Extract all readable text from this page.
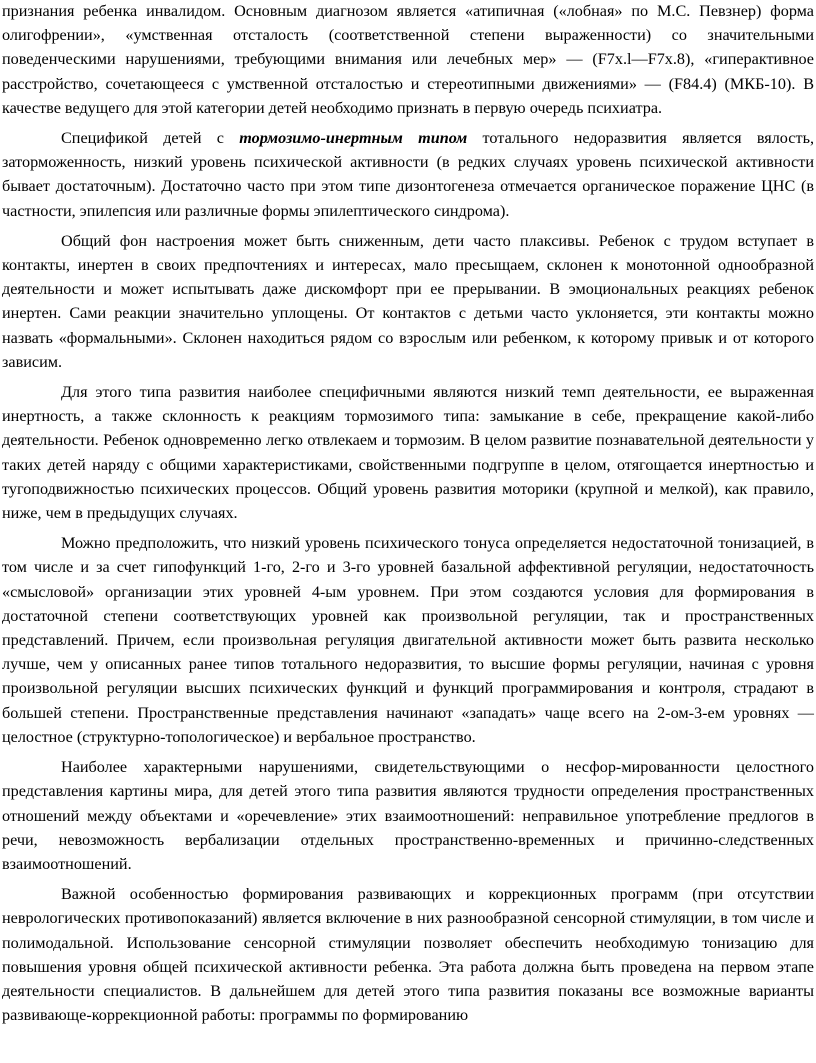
признания ребенка инвалидом. Основным диагнозом является «атипичная («лобная» по М.С. Певзнер) форма олигофрении», «умственная отсталость (соответственной степени выраженности) со значительными поведенческими нарушениями, требующими внимания или лечебных мер» — (F7x.l—F7x.8), «гиперактивное расстройство, сочетающееся с умственной отсталостью и стереотипными движениями» — (F84.4) (МКБ-10). В качестве ведущего для этой категории детей необходимо признать в первую очередь психиатра.

Спецификой детей с тормозимо-инертным типом тотального недоразвития является вялость, заторможенность, низкий уровень психической активности (в редких случаях уровень психической активности бывает достаточным). Достаточно часто при этом типе дизонтогенеза отмечается органическое поражение ЦНС (в частности, эпилепсия или различные формы эпилептического синдрома).

Общий фон настроения может быть сниженным, дети часто плаксивы. Ребенок с трудом вступает в контакты, инертен в своих предпочтениях и интересах, мало пресыщаем, склонен к монотонной однообразной деятельности и может испытывать даже дискомфорт при ее прерывании. В эмоциональных реакциях ребенок инертен. Сами реакции значительно уплощены. От контактов с детьми часто уклоняется, эти контакты можно назвать «формальными». Склонен находиться рядом со взрослым или ребенком, к которому привык и от которого зависим.

Для этого типа развития наиболее специфичными являются низкий темп деятельности, ее выраженная инертность, а также склонность к реакциям тормозимого типа: замыкание в себе, прекращение какой-либо деятельности. Ребенок одновременно легко отвлекаем и тормозим. В целом развитие познавательной деятельности у таких детей наряду с общими характеристиками, свойственными подгруппе в целом, отягощается инертностью и тугоподвижностью психических процессов. Общий уровень развития моторики (крупной и мелкой), как правило, ниже, чем в предыдущих случаях.

Можно предположить, что низкий уровень психического тонуса определяется недостаточной тонизацией, в том числе и за счет гипофункций 1-го, 2-го и 3-го уровней базальной аффективной регуляции, недостаточность «смысловой» организации этих уровней 4-ым уровнем. При этом создаются условия для формирования в достаточной степени соответствующих уровней как произвольной регуляции, так и пространственных представлений. Причем, если произвольная регуляция двигательной активности может быть развита несколько лучше, чем у описанных ранее типов тотального недоразвития, то высшие формы регуляции, начиная с уровня произвольной регуляции высших психических функций и функций программирования и контроля, страдают в большей степени. Пространственные представления начинают «западать» чаще всего на 2-ом-3-ем уровнях — целостное (структурно-топологическое) и вербальное пространство.

Наиболее характерными нарушениями, свидетельствующими о несфор-мированности целостного представления картины мира, для детей этого типа развития являются трудности определения пространственных отношений между объектами и «оречевление» этих взаимоотношений: неправильное употребление предлогов в речи, невозможность вербализации отдельных пространственно-временных и причинно-следственных взаимоотношений.

Важной особенностью формирования развивающих и коррекционных программ (при отсутствии неврологических противопоказаний) является включение в них разнообразной сенсорной стимуляции, в том числе и полимодальной. Использование сенсорной стимуляции позволяет обеспечить необходимую тонизацию для повышения уровня общей психической активности ребенка. Эта работа должна быть проведена на первом этапе деятельности специалистов. В дальнейшем для детей этого типа развития показаны все возможные варианты развивающе-коррекционной работы: программы по формированию
